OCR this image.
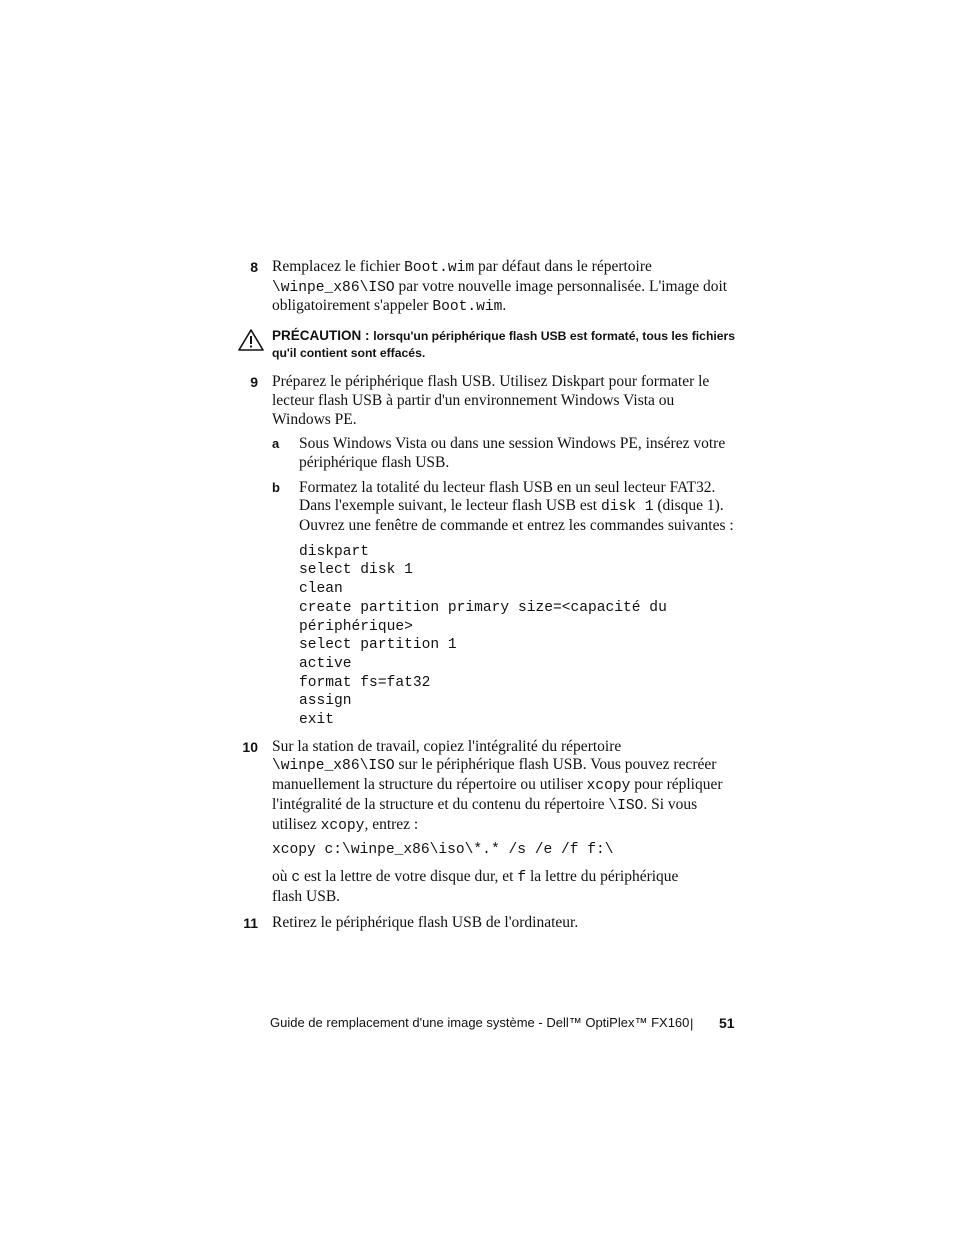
8 Remplacez le fichier Boot.wim par défaut dans le répertoire
\winpe_x86\ISO par votre nouvelle image personnalisée. L'image doit
obligatoirement s'appeler Boot.wim.
PRÉCAUTION : lorsqu'un périphérique flash USB est formaté, tous les fichiers
qu'il contient sont effacés.
9 Préparez le périphérique flash USB. Utilisez Diskpart pour formater le
lecteur flash USB à partir d'un environnement Windows Vista ou
Windows PE.
a Sous Windows Vista ou dans une session Windows PE, insérez votre
périphérique flash USB.
b Formatez la totalité du lecteur flash USB en un seul lecteur FAT32.
Dans l'exemple suivant, le lecteur flash USB est disk 1 (disque 1).
Ouvrez une fenêtre de commande et entrez les commandes suivantes :
diskpart
select disk 1
clean
create partition primary size=<capacité du
périphérique>
select partition 1
active
format fs=fat32
assign
exit
10 Sur la station de travail, copiez l'intégralité du répertoire
\winpe_x86\ISO sur le périphérique flash USB. Vous pouvez recréer
manuellement la structure du répertoire ou utiliser xcopy pour répliquer
l'intégralité de la structure et du contenu du répertoire \ISO. Si vous
utilisez xcopy, entrez :
xcopy c:\winpe_x86\iso\*.* /s /e /f f:\
où c est la lettre de votre disque dur, et f la lettre du périphérique
flash USB.
11 Retirez le périphérique flash USB de l'ordinateur.
Guide de remplacement d'une image système - Dell™ OptiPlex™ FX160 | 51
